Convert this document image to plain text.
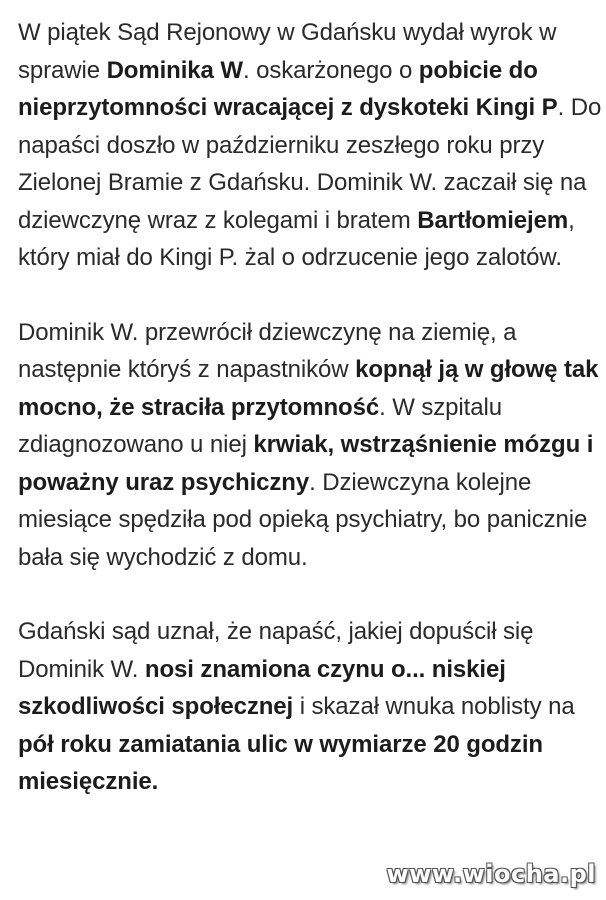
W piątek Sąd Rejonowy w Gdańsku wydał wyrok w sprawie Dominika W. oskarżonego o pobicie do nieprzytomności wracającej z dyskoteki Kingi P. Do napaści doszło w październiku zeszłego roku przy Zielonej Bramie z Gdańsku. Dominik W. zaczaił się na dziewczynę wraz z kolegami i bratem Bartłomiejem, który miał do Kingi P. żal o odrzucenie jego zalotów.

Dominik W. przewrócił dziewczynę na ziemię, a następnie któryś z napastników kopnął ją w głowę tak mocno, że straciła przytomność. W szpitalu zdiagnozowano u niej krwiak, wstrząśnienie mózgu i poważny uraz psychiczny. Dziewczyna kolejne miesiące spędziła pod opieką psychiatry, bo panicznie bała się wychodzić z domu.

Gdański sąd uznał, że napaść, jakiej dopuścił się Dominik W. nosi znamiona czynu o... niskiej szkodliwości społecznej i skazał wnuka noblisty na pół roku zamiatania ulic w wymiarze 20 godzin miesięcznie.

www.wiocha.pl
